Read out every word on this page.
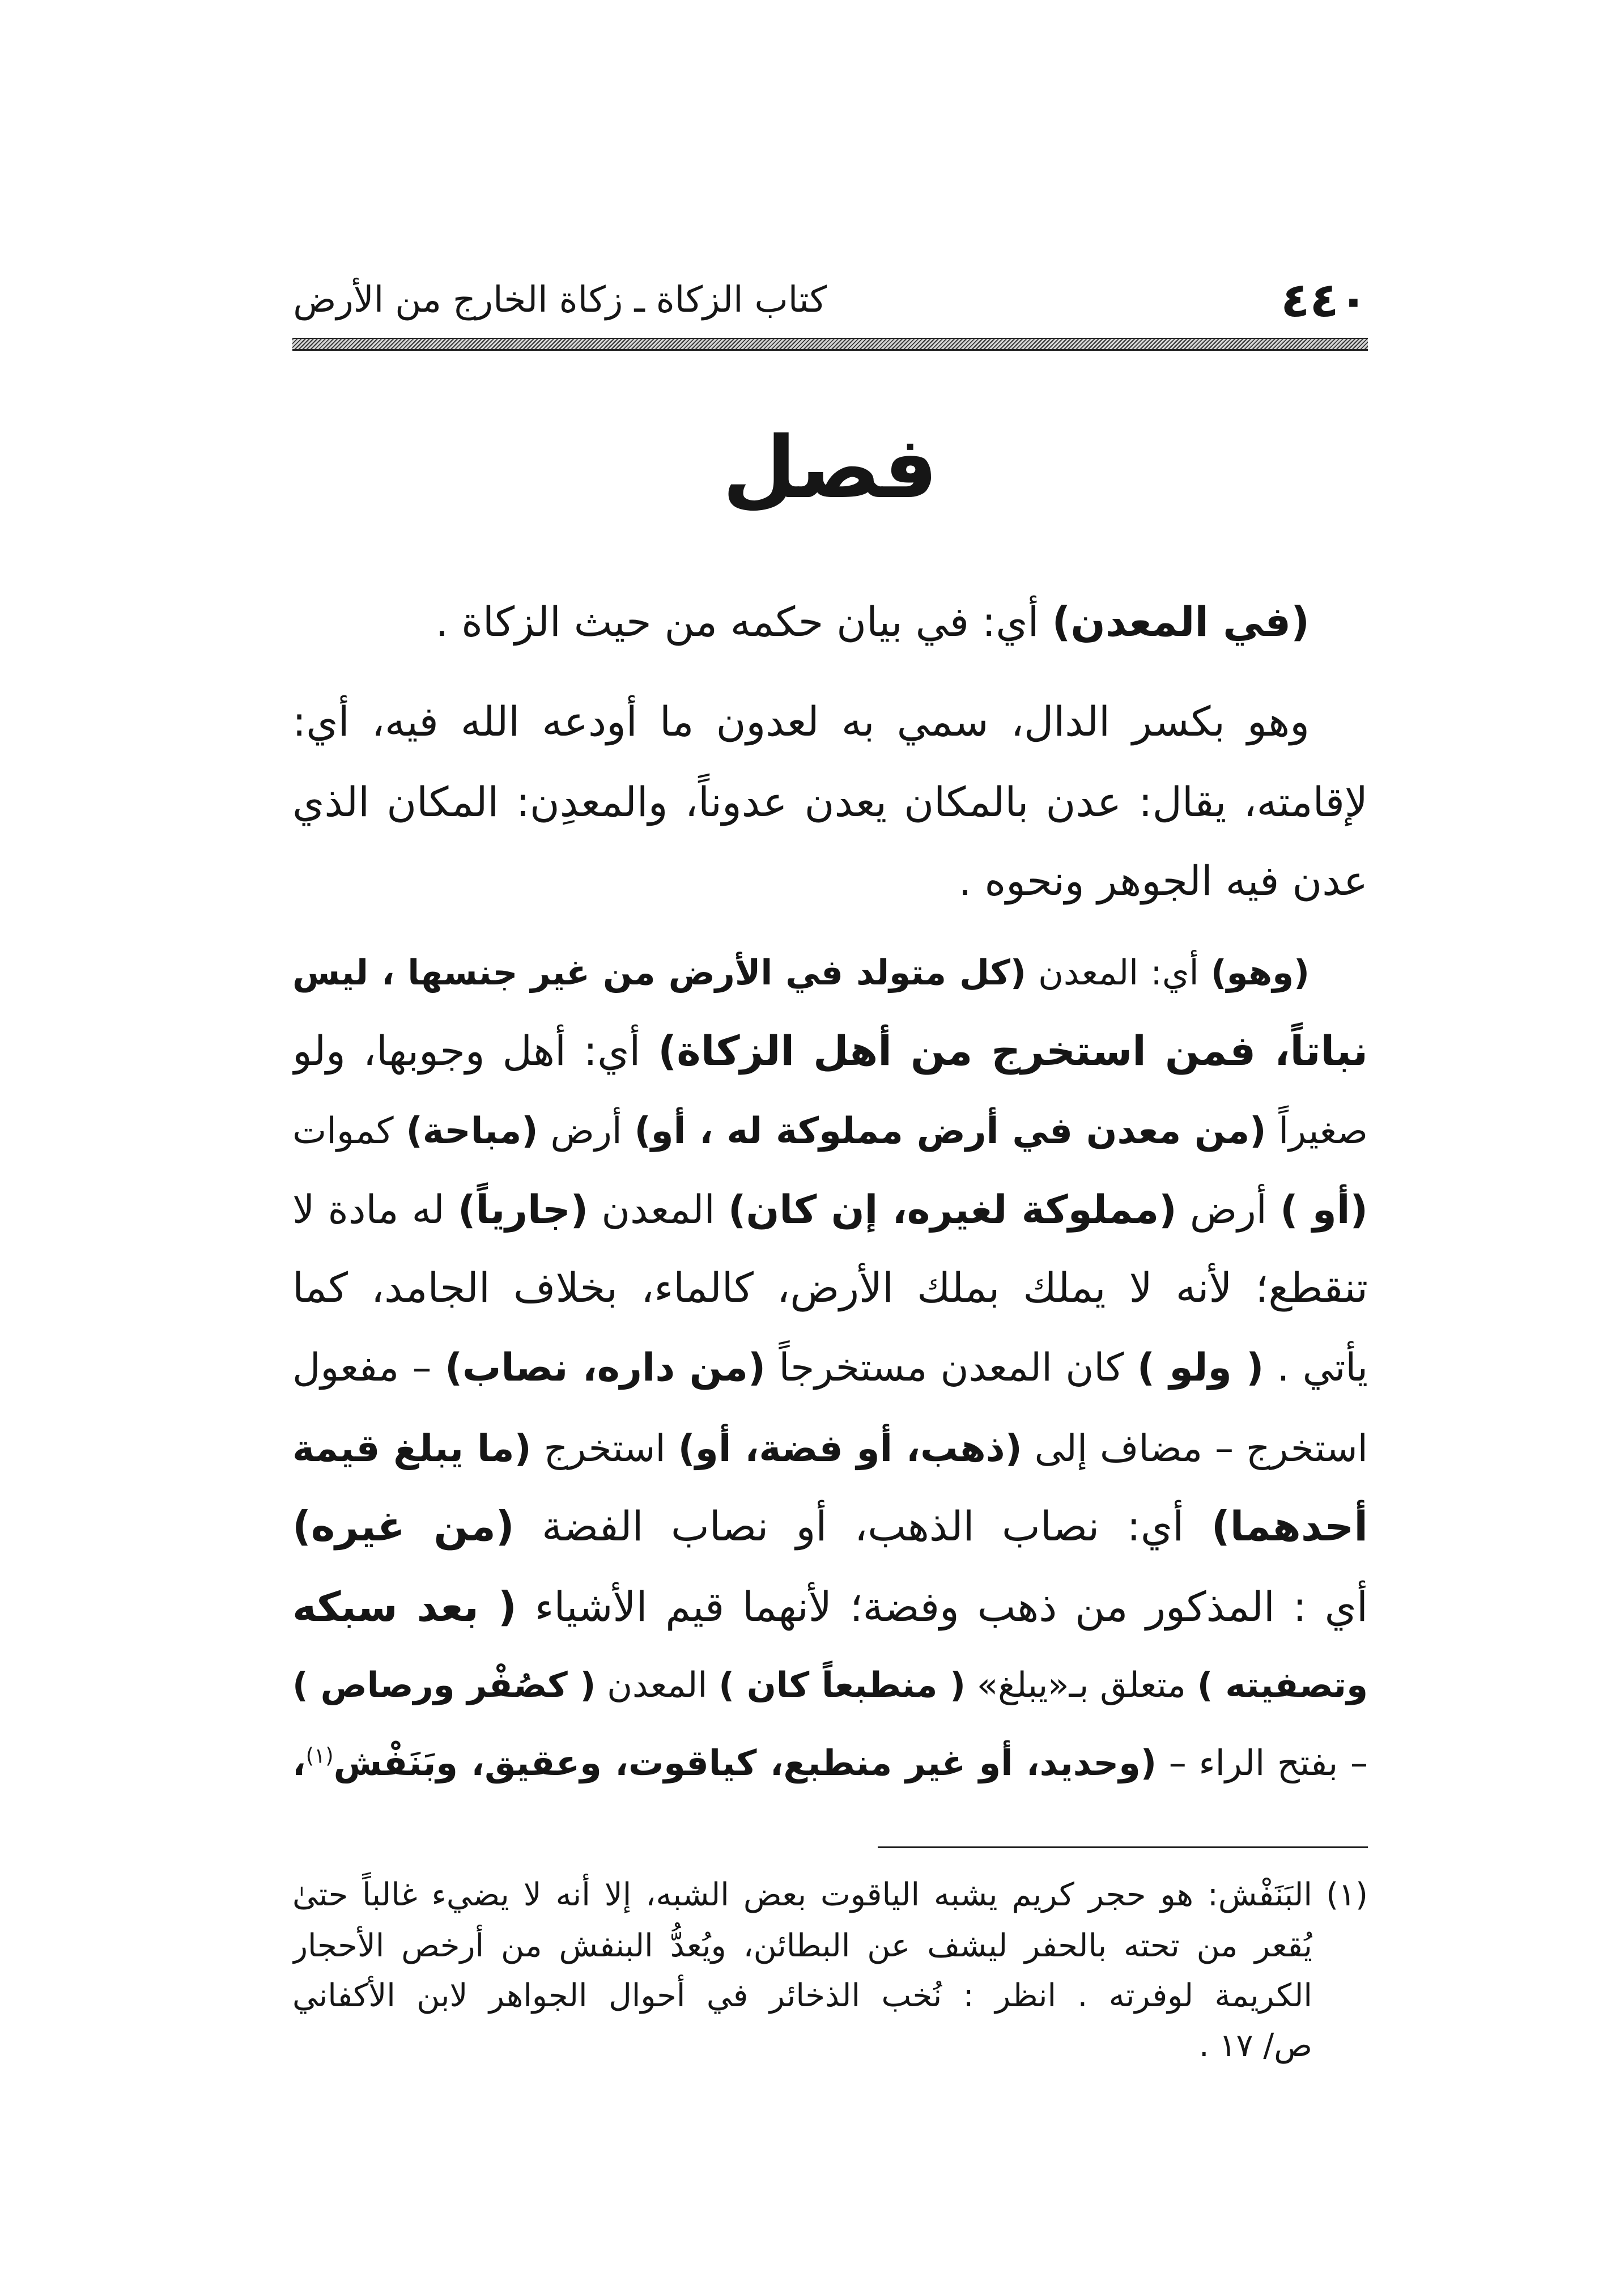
٤٤٠
كتاب الزكاة ـ زكاة الخارج من الأرض
فصل
(في المعدن) أي: في بيان حكمه من حيث الزكاة .
وهو بكسر الدال، سمي به لعدون ما أودعه الله فيه، أي:
لإقامته، يقال: عدن بالمكان يعدن عدوناً، والمعدِن: المكان الذي
عدن فيه الجوهر ونحوه .
(وهو) أي: المعدن (كل متولد في الأرض من غير جنسها ، ليس
نباتاً، فمن استخرج من أهل الزكاة) أي: أهل وجوبها، ولو
صغيراً (من معدن في أرض مملوكة له ، أو) أرض (مباحة) كموات
(أو ) أرض (مملوكة لغيره، إن كان) المعدن (جارياً) له مادة لا
تنقطع؛ لأنه لا يملك بملك الأرض، كالماء، بخلاف الجامد، كما
يأتي . ( ولو ) كان المعدن مستخرجاً (من داره، نصاب) – مفعول
استخرج – مضاف إلى (ذهب، أو فضة، أو) استخرج (ما يبلغ قيمة
أحدهما) أي: نصاب الذهب، أو نصاب الفضة (من غيره)
أي : المذكور من ذهب وفضة؛ لأنهما قيم الأشياء ( بعد سبكه
وتصفيته ) متعلق بـ«يبلغ» ( منطبعاً كان ) المعدن ( كصُفْر ورصاص )
– بفتح الراء – (وحديد، أو غير منطبع، كياقوت، وعقيق، وبَنَفْش$^{(١)}$،
(١)
البَنَفْش: هو حجر كريم يشبه الياقوت بعض الشبه، إلا أنه لا يضيء غالباً حتىٰ
يُقعر من تحته بالحفر ليشف عن البطائن، ويُعدُّ البنفش من أرخص الأحجار
الكريمة لوفرته . انظر : نُخب الذخائر في أحوال الجواهر لابن الأكفاني
ص/ ١٧ .
